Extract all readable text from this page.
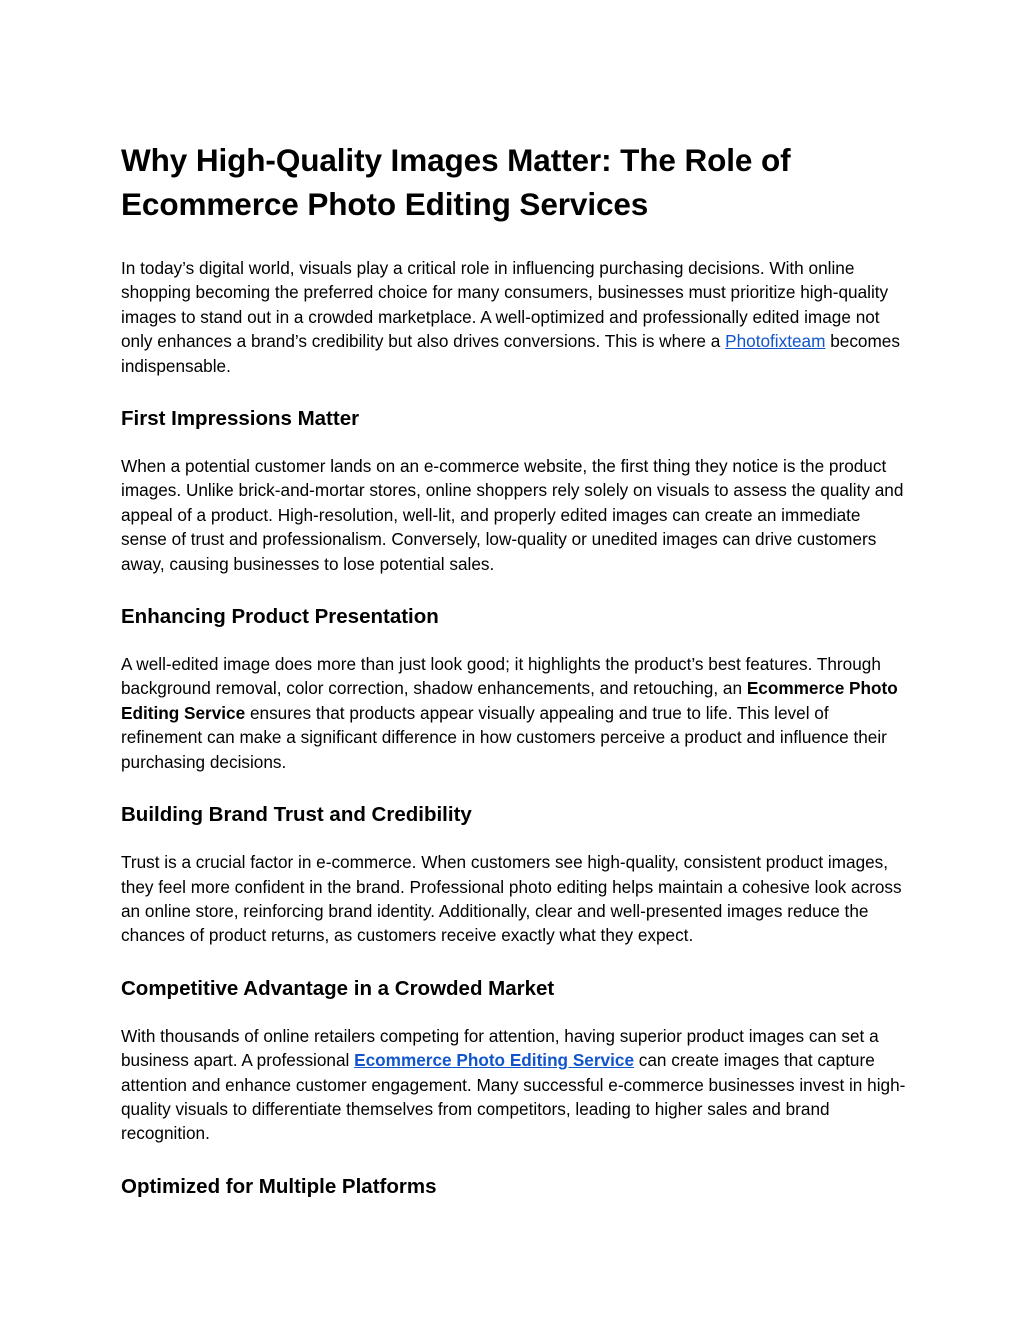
Why High-Quality Images Matter: The Role of Ecommerce Photo Editing Services

In today’s digital world, visuals play a critical role in influencing purchasing decisions. With online shopping becoming the preferred choice for many consumers, businesses must prioritize high-quality images to stand out in a crowded marketplace. A well-optimized and professionally edited image not only enhances a brand’s credibility but also drives conversions. This is where a Photofixteam becomes indispensable.

First Impressions Matter

When a potential customer lands on an e-commerce website, the first thing they notice is the product images. Unlike brick-and-mortar stores, online shoppers rely solely on visuals to assess the quality and appeal of a product. High-resolution, well-lit, and properly edited images can create an immediate sense of trust and professionalism. Conversely, low-quality or unedited images can drive customers away, causing businesses to lose potential sales.

Enhancing Product Presentation

A well-edited image does more than just look good; it highlights the product’s best features. Through background removal, color correction, shadow enhancements, and retouching, an Ecommerce Photo Editing Service ensures that products appear visually appealing and true to life. This level of refinement can make a significant difference in how customers perceive a product and influence their purchasing decisions.

Building Brand Trust and Credibility

Trust is a crucial factor in e-commerce. When customers see high-quality, consistent product images, they feel more confident in the brand. Professional photo editing helps maintain a cohesive look across an online store, reinforcing brand identity. Additionally, clear and well-presented images reduce the chances of product returns, as customers receive exactly what they expect.

Competitive Advantage in a Crowded Market

With thousands of online retailers competing for attention, having superior product images can set a business apart. A professional Ecommerce Photo Editing Service can create images that capture attention and enhance customer engagement. Many successful e-commerce businesses invest in high-quality visuals to differentiate themselves from competitors, leading to higher sales and brand recognition.

Optimized for Multiple Platforms
